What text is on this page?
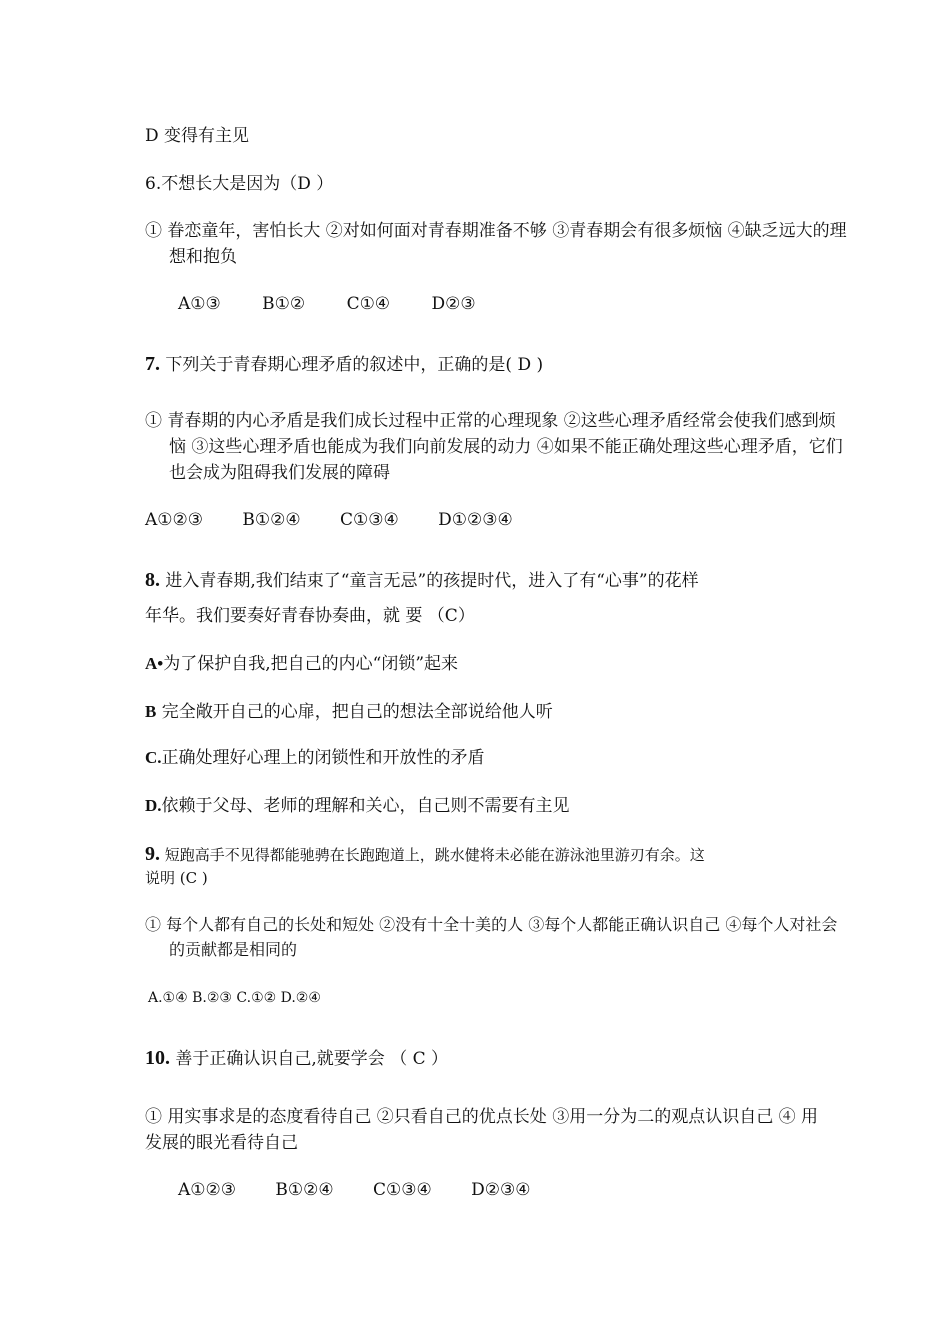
D 变得有主见
6.不想长大是因为（D ）
① 眷恋童年，害怕长大 ②对如何面对青春期准备不够 ③青春期会有很多烦恼 ④缺乏远大的理想和抱负
A①③ B①② C①④ D②③
7. 下列关于青春期心理矛盾的叙述中，正确的是( D )
① 青春期的内心矛盾是我们成长过程中正常的心理现象 ②这些心理矛盾经常会使我们感到烦恼 ③这些心理矛盾也能成为我们向前发展的动力 ④如果不能正确处理这些心理矛盾，它们也会成为阻碍我们发展的障碍
A①②③ B①②④ C①③④ D①②③④
8. 进入青春期,我们结束了“童言无忌”的孩提时代，进入了有“心事”的花样
年华。我们要奏好青春协奏曲，就 要 （C）
A•为了保护自我,把自己的内心“闭锁”起来
B 完全敞开自己的心扉，把自己的想法全部说给他人听
C.正确处理好心理上的闭锁性和开放性的矛盾
D.依赖于父母、老师的理解和关心，自己则不需要有主见
9. 短跑高手不见得都能驰骋在长跑跑道上，跳水健将未必能在游泳池里游刃有余。这
说明 (C )
① 每个人都有自己的长处和短处 ②没有十全十美的人 ③每个人都能正确认识自己 ④每个人对社会的贡献都是相同的
A.①④ B.②③ C.①② D.②④
10. 善于正确认识自己,就要学会 （ C ）
① 用实事求是的态度看待自己 ②只看自己的优点长处 ③用一分为二的观点认识自己 ④ 用发展的眼光看待自己
A①②③ B①②④ C①③④ D②③④
